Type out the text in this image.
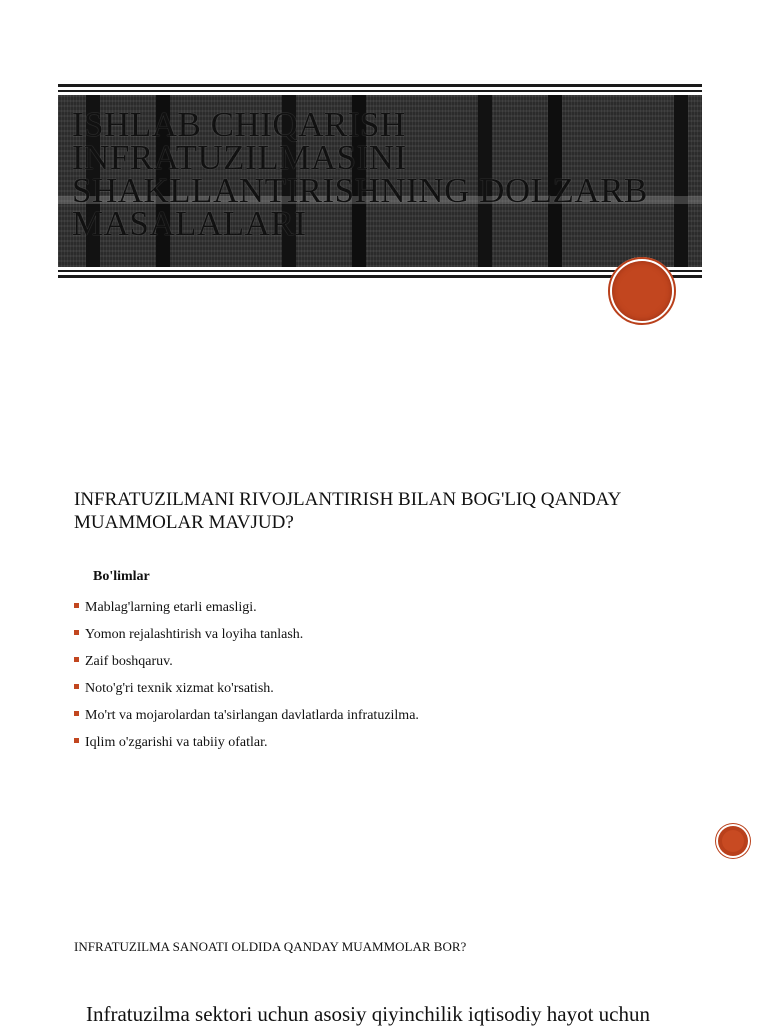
ISHLAB CHIQARISH INFRATUZILMASINI SHAKLLANTIRISHNING DOLZARB MASALALARI
INFRATUZILMANI RIVOJLANTIRISH BILAN BOG'LIQ QANDAY MUAMMOLAR MAVJUD?

Bo'limlar

Mablag'larning etarli emasligi.
Yomon rejalashtirish va loyiha tanlash.
Zaif boshqaruv.
Noto'g'ri texnik xizmat ko'rsatish.
Mo'rt va mojarolardan ta'sirlangan davlatlarda infratuzilma.
Iqlim o'zgarishi va tabiiy ofatlar.
INFRATUZILMA SANOATI OLDIDA QANDAY MUAMMOLAR BOR?

Infratuzilma sektori uchun asosiy qiyinchilik iqtisodiy hayot uchun
